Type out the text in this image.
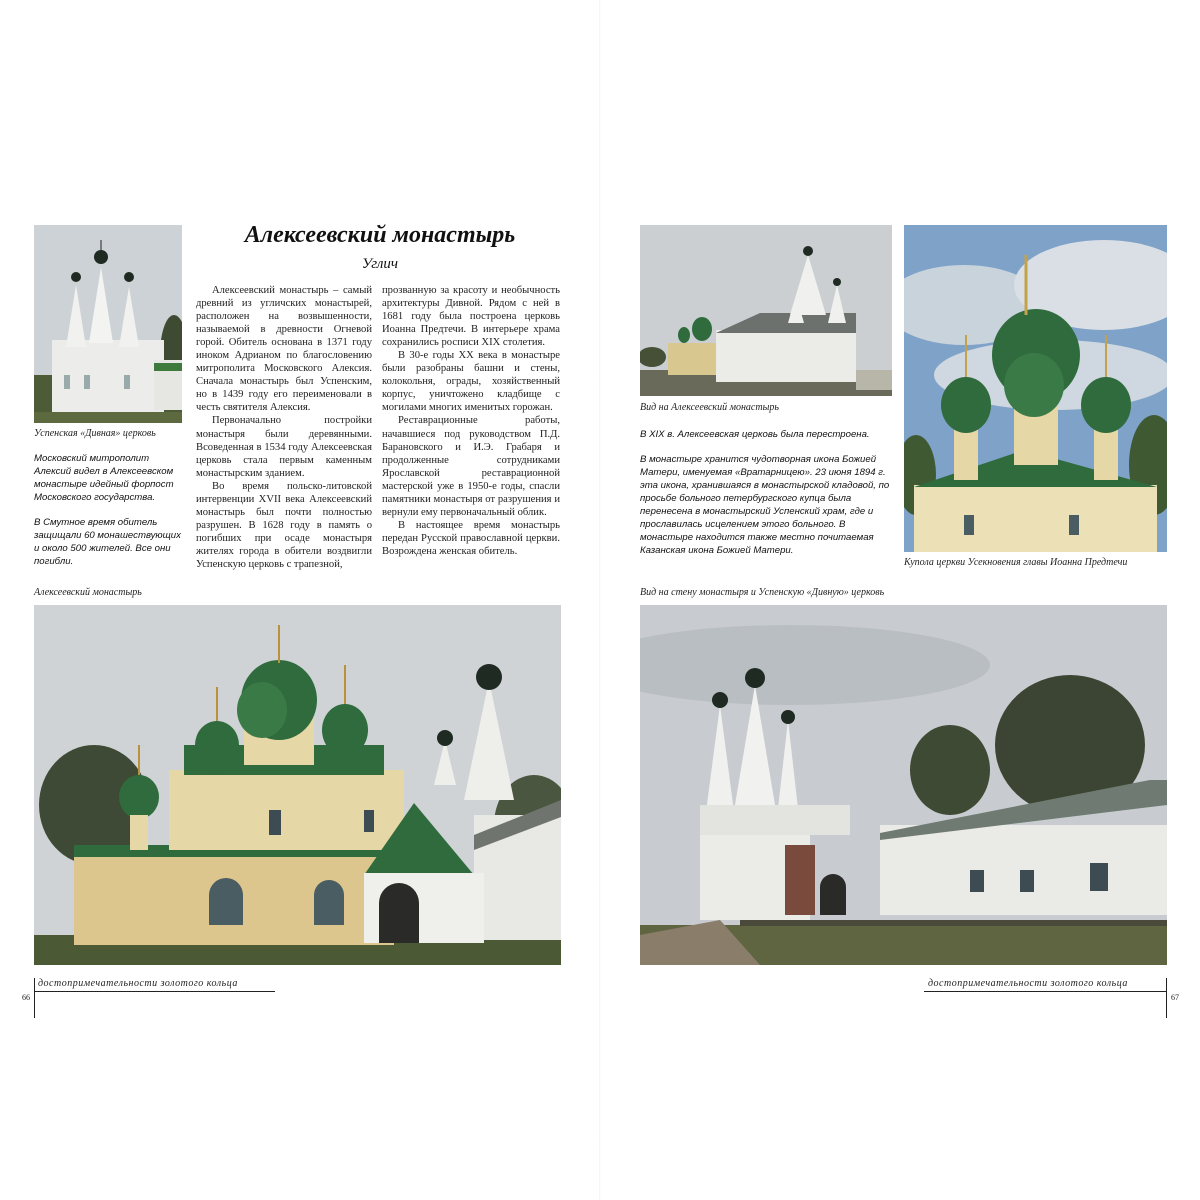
Успенская «Дивная» церковь

Московский митрополит Алексий видел в Алексеевском монастыре идейный форпост Московского государства.

В Смутное время обитель защищали 60 монашествующих и около 500 жителей. Все они погибли.

Алексеевский монастырь
Углич

Алексеевский монастырь – самый древний из угличских монастырей, расположен на возвышенности, называемой в древности Огневой горой. Обитель основана в 1371 году иноком Адрианом по благословению митрополита Московского Алексия. Сначала монастырь был Успенским, но в 1439 году его переименовали в честь святителя Алексия.

Первоначально постройки монастыря были деревянными. Всоведенная в 1534 году Алексеевская церковь стала первым каменным монастырским зданием.

Во время польско-литовской интервенции XVII века Алексеевский монастырь был почти полностью разрушен. В 1628 году в память о погибших при осаде монастыря жителях города в обители воздвигли Успенскую церковь с трапезной,

прозванную за красоту и необычность архитектуры Дивной. Рядом с ней в 1681 году была построена церковь Иоанна Предтечи. В интерьере храма сохранились росписи XIX столетия.

В 30-е годы XX века в монастыре были разобраны башни и стены, колокольня, ограды, хозяйственный корпус, уничтожено кладбище с могилами многих именитых горожан.

Реставрационные работы, начавшиеся под руководством П.Д. Барановского и И.Э. Грабаря и продолженные сотрудниками Ярославской реставрационной мастерской уже в 1950-е годы, спасли памятники монастыря от разрушения и вернули ему первоначальный облик.

В настоящее время монастырь передан Русской православной церкви. Возрождена женская обитель.

Алексеевский монастырь
достопримечательности золотого кольца
66
Вид на Алексеевский монастырь

В XIX в. Алексеевская церковь была перестроена.

В монастыре хранится чудотворная икона Божией Матери, именуемая «Вратарницею». 23 июня 1894 г. эта икона, хранившаяся в монастырской кладовой, по просьбе больного петербургского купца была перенесена в монастырский Успенский храм, где и прославилась исцелением этого больного. В монастыре находится также местно почитаемая Казанская икона Божией Матери.

Купола церкви Усекновения главы Иоанна Предтечи
Вид на стену монастыря и Успенскую «Дивную» церковь
достопримечательности золотого кольца
67
